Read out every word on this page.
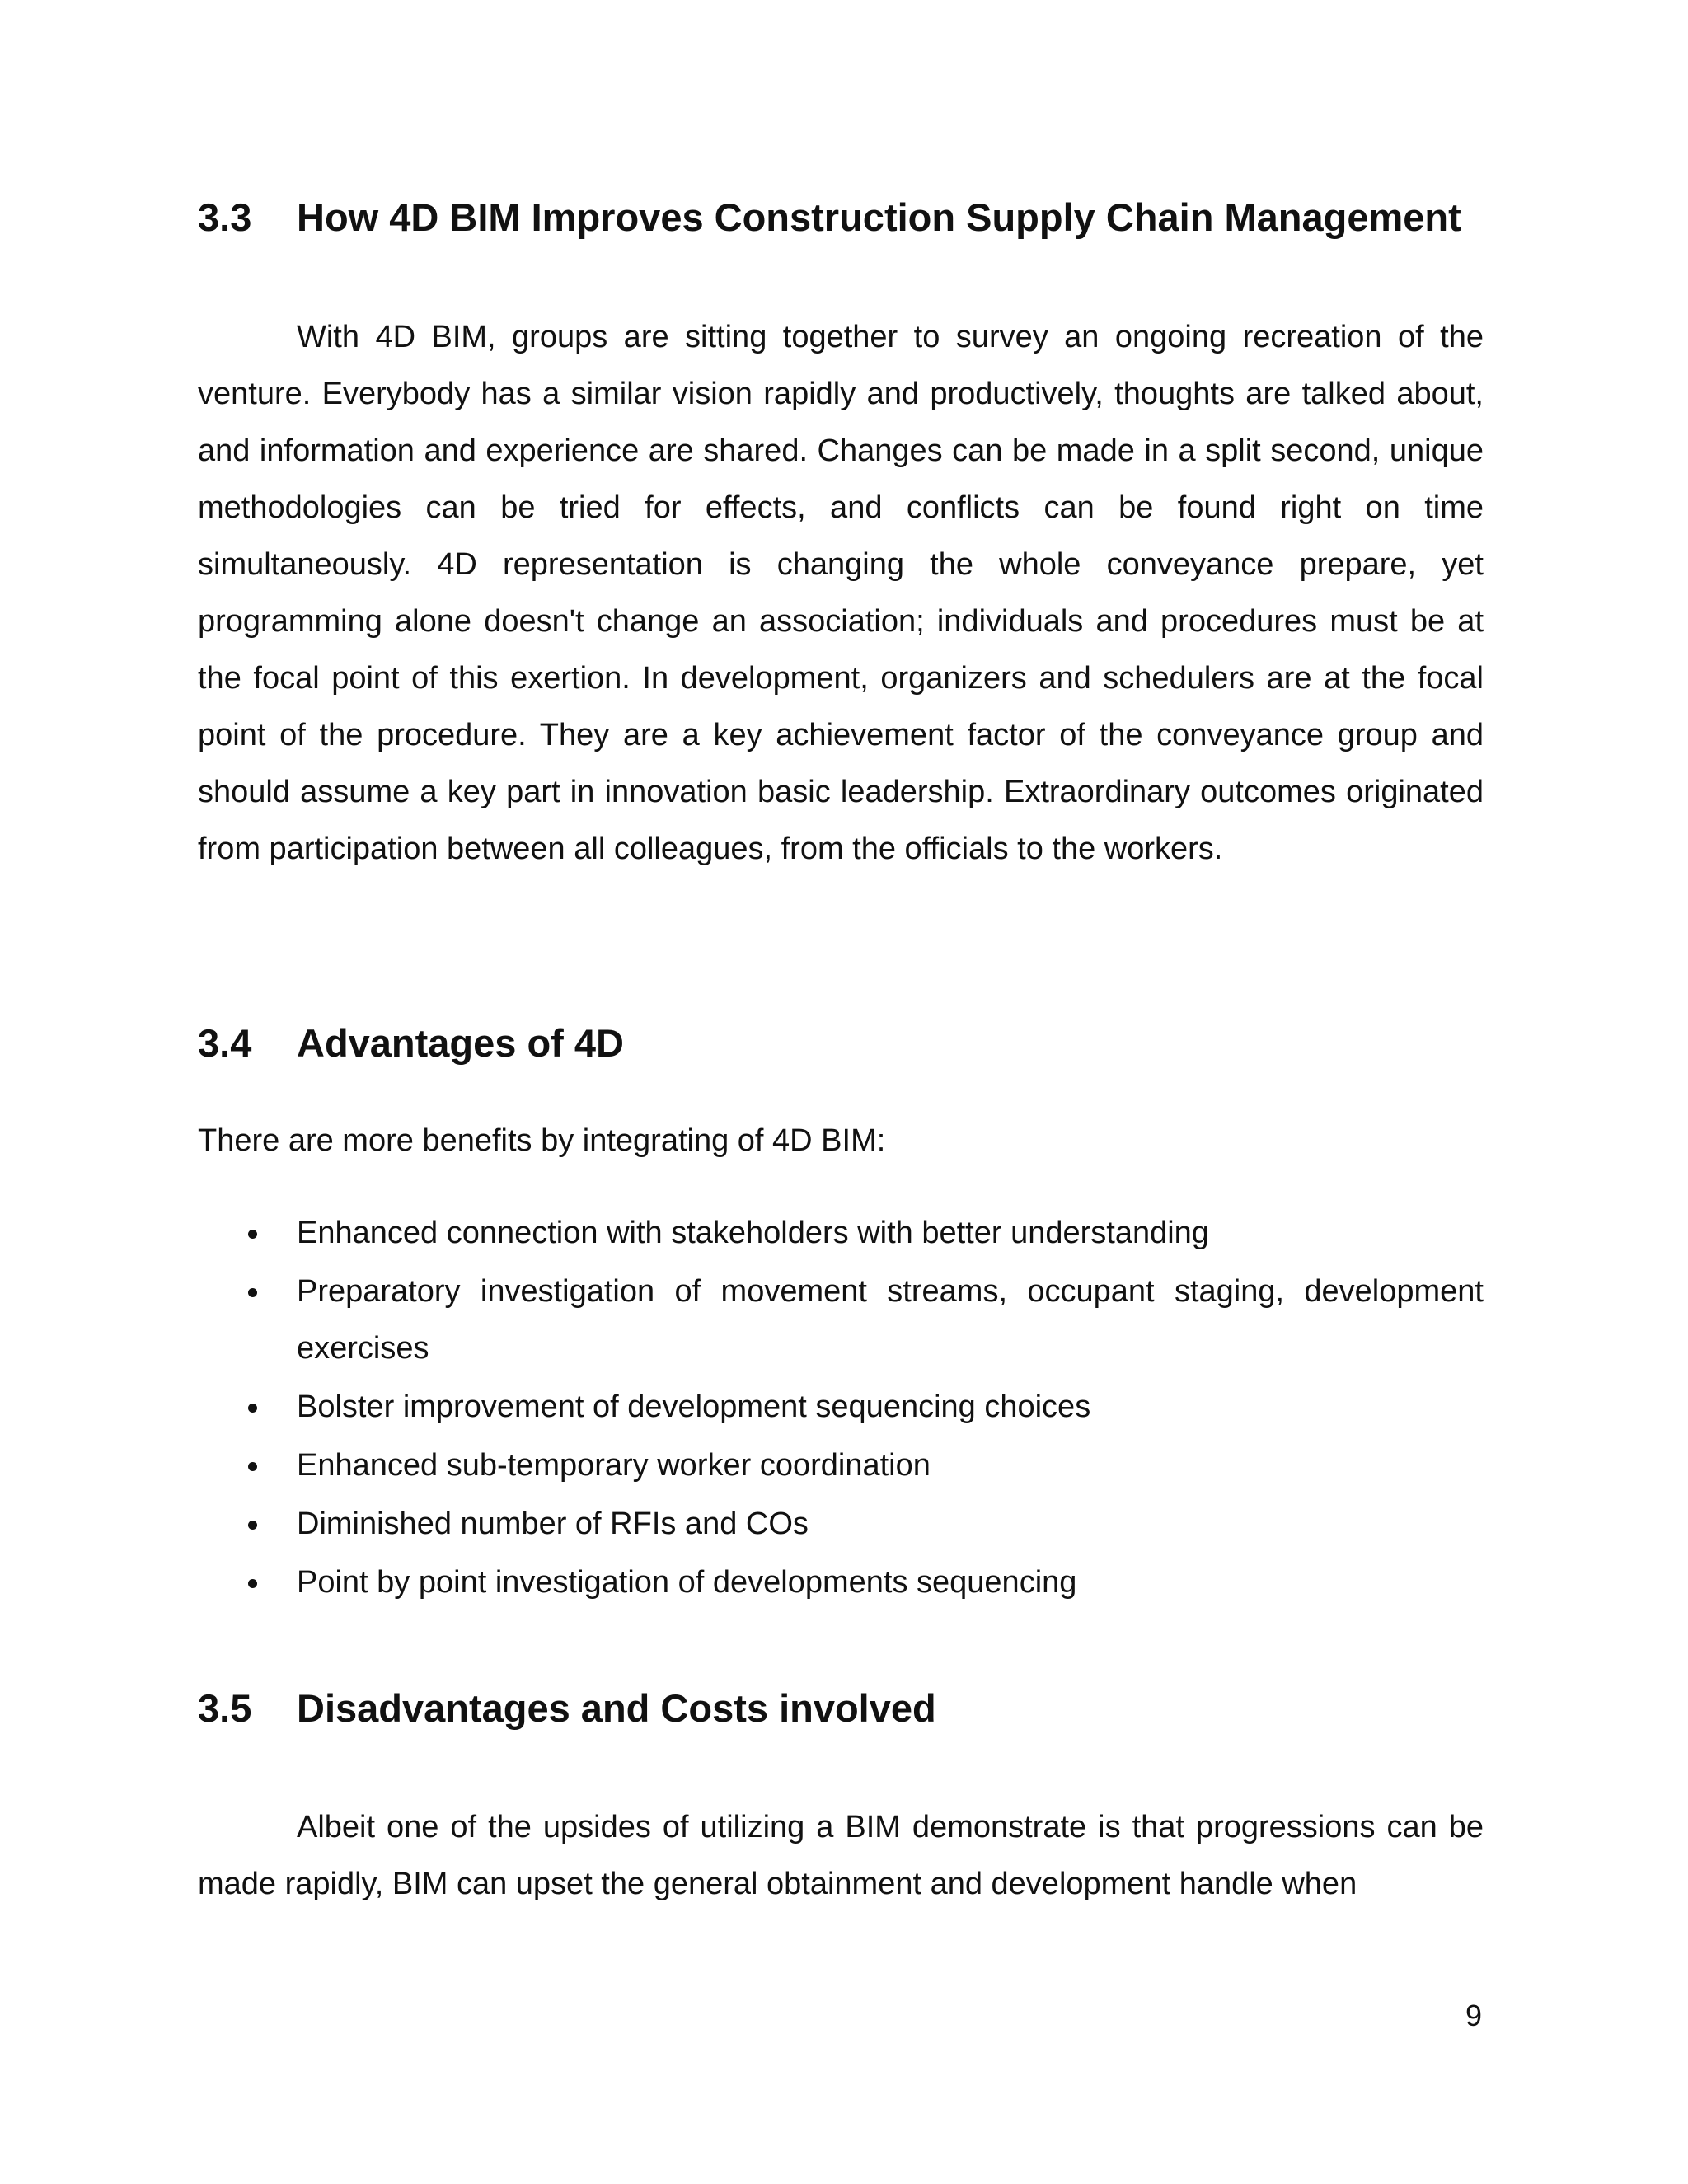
3.3 How 4D BIM Improves Construction Supply Chain Management

With 4D BIM, groups are sitting together to survey an ongoing recreation of the venture. Everybody has a similar vision rapidly and productively, thoughts are talked about, and information and experience are shared. Changes can be made in a split second, unique methodologies can be tried for effects, and conflicts can be found right on time simultaneously. 4D representation is changing the whole conveyance prepare, yet programming alone doesn't change an association; individuals and procedures must be at the focal point of this exertion. In development, organizers and schedulers are at the focal point of the procedure. They are a key achievement factor of the conveyance group and should assume a key part in innovation basic leadership. Extraordinary outcomes originated from participation between all colleagues, from the officials to the workers.

3.4 Advantages of 4D

There are more benefits by integrating of 4D BIM:

Enhanced connection with stakeholders with better understanding
Preparatory investigation of movement streams, occupant staging, development exercises
Bolster improvement of development sequencing choices
Enhanced sub-temporary worker coordination
Diminished number of RFIs and COs
Point by point investigation of developments sequencing
3.5 Disadvantages and Costs involved

Albeit one of the upsides of utilizing a BIM demonstrate is that progressions can be made rapidly, BIM can upset the general obtainment and development handle when

9
